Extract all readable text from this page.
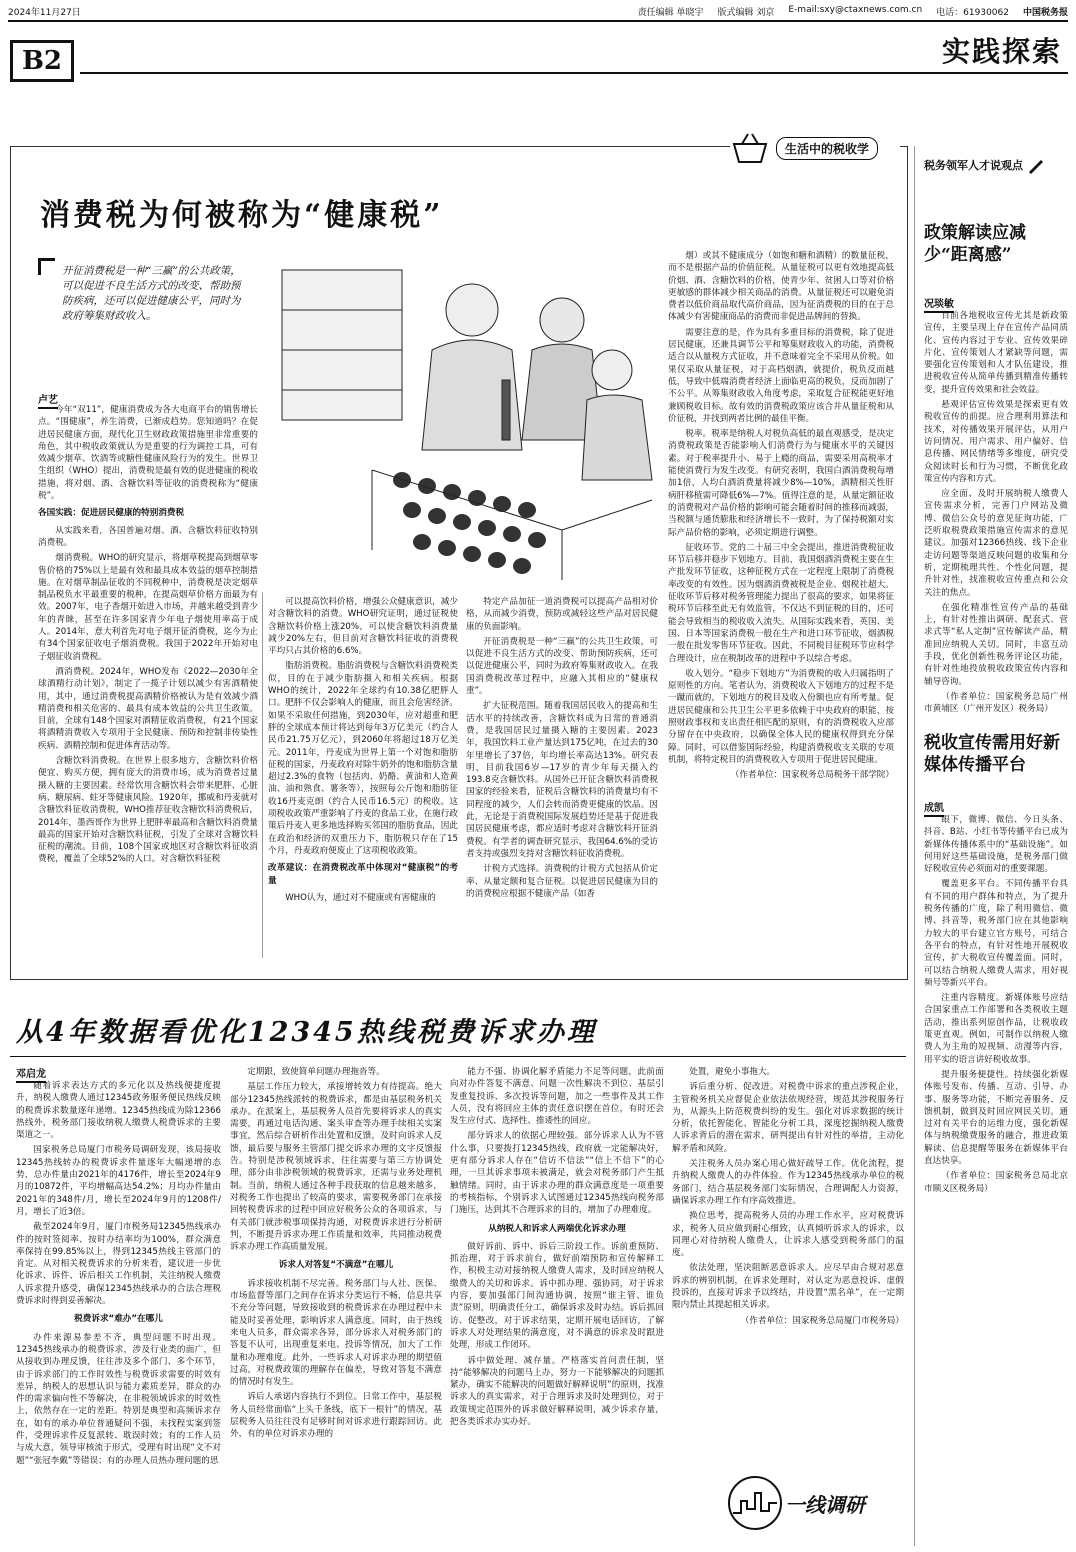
2024年11月27日	责任编辑 单晓宇 版式编辑 刘京 E-mail:sxy@ctaxnews.com.cn 电话：61930062 中国税务报
B2	实践探索
生活中的税收学
消费税为何被称为“健康税”
开征消费税是一种“三赢”的公共政策，可以促进不良生活方式的改变、帮助预防疾病，还可以促进健康公平，同时为政府筹集财政收入。
卢艺

今年“双11”，健康消费成为各大电商平台的销售增长点。“围健康”，养生消费，已渐成趋势。您知道吗？在促进居民健康方面，现代化卫生财政政策措施里非常重要的角色，其中税收政策就认为是重要的行为调控工具，可有效减少烟草、饮酒等或糖性健康风险行为的发生。世界卫生组织（WHO）提出，消费税是最有效的促进健康的税收措施，将对烟、酒、含糖饮料等征收的消费税称为“健康税”。

各国实践：促进居民健康的特别消费税

从实践来看，各国普遍对烟、酒、含糖饮料征收特别消费税。

烟消费税。WHO的研究显示，将烟草税提高到烟草零售价格的75%以上是最有效和最具成本效益的烟草控制措施。在对烟草制品征收的不同税种中，消费税是决定烟草制品税负水平最重要的税种，在提高烟草价格方面最为有效。2007年，电子香烟开始进入市场，并越来越受到青少年的青睐，甚至在许多国家青少年电子烟使用率高于成人。2014年，意大利首先对电子烟开征消费税，迄今为止有34个国家征收电子烟消费税。我国于2022年开始对电子烟征收消费税。

酒消费税。2024年，WHO发布《2022—2030年全球酒精行动计划》，制定了一揽子计划以减少有害酒精使用，其中，通过消费税提高酒精价格被认为是有效减少酒精消费和相关危害的、最具有成本效益的公共卫生政策。目前，全球有148个国家对酒精征收消费税，有21个国家将酒精消费收入专项用于全民健康、预防和控制非传染性疾病、酒精控制和促进体育活动等。

含糖饮料消费税。在世界上很多地方，含糖饮料价格便宜、购买方便，拥有庞大的消费市场，成为消费者过量摄入糖的主要因素。经常饮用含糖饮料会带来肥胖、心脏病、糖尿病、蛀牙等健康风险。1920年，挪威和丹麦就对含糖饮料征收消费税，WHO推荐征收含糖饮料消费税后，2014年，墨西哥作为世界上肥胖率最高和含糖饮料消费量最高的国家开始对含糖饮料征税，引发了全球对含糖饮料征税的潮流。目前，108个国家或地区对含糖饮料征收消费税，覆盖了全球52%的人口。对含糖饮料征税

可以提高饮料价格，增强公众健康意识，减少对含糖饮料的消费。WHO研究证明，通过征税使含糖饮料价格上涨20%，可以使含糖饮料消费量减少20%左右，但目前对含糖饮料征收的消费税平均只占其价格的6.6%。

脂肪消费税。脂肪消费税与含糖饮料消费税类似，目的在于减少脂肪摄入和相关疾病。根据WHO的统计，2022年全球约有10.38亿肥胖人口。肥胖不仅会影响人的健康，而且会危害经济。如果不采取任何措施，到2030年，应对超重和肥胖的全球成本预计将达到每年3万亿美元（约合人民币21.75万亿元），到2060年将超过18万亿美元。2011年，丹麦成为世界上第一个对饱和脂肪征税的国家，丹麦政府对除牛奶外的饱和脂肪含量超过2.3%的食物（包括肉、奶酪、黄油和人造黄油、油和熟食、薯条等），按照每公斤饱和脂肪征收16丹麦克朗（约合人民币16.5元）的税收。这项税收政策严重影响了丹麦的食品工业，在施行政策后丹麦人更多地选择购买邻国的脂肪食品，因此在政治和经济的双重压力下，脂肪税只存在了15个月，丹麦政府便废止了这项税收政策。

改革建议：在消费税改革中体现对“健康税”的考量

WHO认为，通过对不健康或有害健康的

特定产品加征一道消费税可以提高产品相对价格，从而减少消费，预防或减轻这些产品对居民健康的负面影响。

开征消费税是一种“三赢”的公共卫生政策，可以促进不良生活方式的改变、帮助预防疾病，还可以促进健康公平，同时为政府筹集财政收入。在我国消费税改革过程中，应融入其相应的“健康权重”。

扩大征税范围。随着我国居民收入的提高和生活水平的持续改善，含糖饮料成为日常的普通消费，是我国居民过量摄入糖的主要因素。2023年，我国饮料工业产量达到175亿吨，在过去的30年里增长了37倍，年均增长率高达13%。研究表明，目前我国6岁—17岁的青少年每天摄入约193.8克含糖饮料。从国外已开征含糖饮料消费税国家的经验来看，征税后含糖饮料的消费量均有不同程度的减少，人们会转而消费更健康的饮品。因此，无论是于消费税国际发展趋势还是基于促进我国居民健康考虑，都应适时考虑对含糖饮料开征消费税。有学者的调查研究显示，我国64.6%的受访者支持或强烈支持对含糖饮料征收消费税。

计税方式选择。消费税的计税方式包括从价定率、从量定额和复合征税。以促进居民健康为目的的消费税应根据不健康产品（如香

烟）或其不健康成分（如饱和糖和酒精）的数量征税，而不是根据产品的价值征税。从量征税可以更有效地提高低价烟、酒、含糖饮料的价格，使青少年、贫困人口等对价格更敏感的群体减少相关商品的消费。从量征税还可以避免消费者以低价商品取代高价商品，因为征消费税的目的在于总体减少有害健康商品的消费而非促进品牌间的替换。

需要注意的是，作为具有多重目标的消费税，除了促进居民健康，还兼具调节公平和筹集财政收入的功能，消费税适合以从量税方式征收，并不意味着完全不采用从价税。如果仅采取从量征税，对于高档烟酒，就提价，税负反而越低，导致中低端消费者经济上面临更高的税负，反而加剧了不公平。从筹集财政收入角度考虑，采取复合征税能更好地兼顾税收目标。故有效的消费税政策应该合并从量征税和从价征税，并找到两者比例的最佳平衡。

税率。税率是纳税人对税负高低的最直观感受，是决定消费税政策是否能影响人们消费行为与健康水平的关键因素。对于税率提升小、易于上瘾的商品，需要采用高税率才能使消费行为发生改变。有研究表明，我国白酒消费税每增加1倍，人均白酒消费量将减少8%—10%，酒精相关性肝病肝移植需可降低6%—7%。值得注意的是，从量定额征收的消费税对产品价格的影响可能会随着时间的推移而减弱，当税额与通货膨胀和经济增长不一致时，为了保持税额对实际产品价格的影响，必须定期进行调整。

征收环节。党的二十届三中全会提出，推进消费税征收环节后移并稳步下划地方。目前，我国烟酒消费税主要在生产批发环节征收，这种征税方式在一定程度上限制了消费税率改变的有效性。因为烟酒消费被税是企业、烟税社超大。征收环节后移对税务管理能力提出了很高的要求，如果将征税环节后移至此无有效监管，不仅达不到征税的目的，还可能会导致相当的税收收入流失。从国际实践来看，英国、美国、日本等国家消费税一般在生产和进口环节征收，烟酒税一般在批发零售环节征收。因此，不同税目征税环节应科学合理设计，应在税制改革的进程中予以综合考虑。

收入划分。“稳步下划地方”为消费税的收入归属指明了原则性的方向。笔者认为，消费税收入下划地方的过程不是一蹴而就的，下划地方的税目及收入份额也应有所考量。促进居民健康和公共卫生公平更多依赖于中央政府的职能，按照财政事权和支出责任相匹配的原则，有的消费税收入应部分留存在中央政府，以确保全体人民的健康权得到充分保障。同时，可以借鉴国际经验，构建消费税收支关联的专项机制，将特定税目的消费税收入专项用于促进居民健康。

（作者单位：国家税务总局税务干部学院）

从4年数据看优化12345热线税费诉求办理
邓启龙

随着诉求表达方式的多元化以及热线便捷度提升，纳税人缴费人通过12345政务服务便民热线反映的税费诉求数量逐年递增。12345热线成为除12366热线外，税务部门接收纳税人缴费人税费诉求的主要渠道之一。

国家税务总局厦门市税务局调研发现，该局接收12345热线转办的税费诉求件量逐年大幅递增的态势，总办件量由2021年的4176件，增长至2024年9月的10872件，平均增幅高达54.2%；月均办件量由2021年的348件/月，增长至2024年9月的1208件/月，增长了近3倍。

截至2024年9月，厦门市税务局12345热线承办件的按时签阅率、按时办结率均为100%，群众满意率保持在99.85%以上，得到12345热线主管部门的肯定。从对相关税费诉求的分析来看，建议进一步优化诉求、诉件、诉后相关工作机制，关注纳税人缴费人诉求提升感受，确保12345热线承办的合法合理税费诉求时得到妥善解决。

税费诉求“难办”在哪儿

办件来源易参差不齐，典型问题不时出现。12345热线承办的税费诉求，涉及行业类的面广，但从接收到办理反馈，往往涉及多个部门、多个环节，由于诉求部门的工作时效性与税费诉求需要的时效有差异，纳税人的思想认识与能力素质差异，群众的办件的需求偏向性不等解决，在非税领域诉求的时效性上，依然存在一定的差距。特别是典型和高频诉求存在，如有的承办单位普通疑问不强，未找程实案到签件，受理诉求件反复派转、耽误时效；有的工作人员与成大意，领导审核流于形式，受理有时出现“文不对题”“张冠李戴”等错误；有的办理人员热办理问题的思

定期跟，致使简单问题办理拖沓等。

基层工作压力较大，承接增转效力有待提高。绝大部分12345热线派转的税费诉求，都是由基层税务机关承办。在派案上，基层税务人员首先要将诉求人的真实需要，再通过电话沟通、案头审查等办理手续相关实案事宜，然后综合研析作出处置和反馈，及时向诉求人反馈，最后要与服务主管部门提交诉求办理的文字反馈报告。特别是涉税领域诉求，往往需要与第三方协调处理，部分由非涉税领域的税费诉求，还需与业务处理机制。当前，纳税人通过各种手段获取的信息越来越多，对税务工作也提出了较高的要求，需要税务部门在承接回转税费诉求的过程中回应好税务公众的各项诉求，与有关部门就涉税事项保持沟通，对税费诉求进行分析研判，不断提升诉求办理工作质量和效率，共同推动税费诉求办理工作高质量发展。

诉求人对答复“不满意”在哪儿

诉求接收机制不尽完善。税务部门与人社、医保、市场监督等部门之间存在诉求分类运行不畅，信息共享不充分等问题，导致接收到的税费诉求在办理过程中未能及时妥善处理，影响诉求人满意度。同时，由于热线来电人员多，群众需求各异，部分诉求人对税务部门的答复不认可，出现重复来电、投诉等情况，加大了工作量和办理难度。此外，一些诉求人对诉求办理的期望值过高，对税费政策的理解存在偏差，导致对答复不满意的情况时有发生。

诉后人承诺内容执行不到位。日常工作中，基层税务人员经常面临“上头千条线，底下一根针”的情况，基层税务人员往往没有足够时间对诉求进行跟踪回访。此外，有的单位对诉求办理的

能力不强、协调化解矛盾能力不足等问题，此前面向对办件答复不满意、问题一次性解决不到位、基层引发重复投诉、多次投诉等问题，加之一些事件及其工作人员，没有将回应主体的责任意识摆在首位，有时还会发生应付式、选择性、推诿性的回应。

部分诉求人的依据心理较强。部分诉求人认为不管什么事，只要拨打12345热线，政府就一定能解决好，更有部分诉求人存在“信访不信法”“信上不信下”的心理，一旦其诉求事项未被满足，就会对税务部门产生抵触情绪。同时，由于诉求办理的群众满意度是一项重要的考核指标，个别诉求人试图通过12345热线向税务部门施压，达到其不合理诉求的目的，增加了办理难度。

从纳税人和诉求人两端优化诉求办理

做好诉前、诉中、诉后三阶段工作。诉前重预防、抓治理，对于诉求前台，做好前端预防和宣传解释工作，积极主动对接纳税人缴费人需求，及时回应纳税人缴费人的关切和诉求。诉中抓办理、强协同，对于诉求内容，要加强部门间沟通协调，按照“谁主管、谁负责”原则，明确责任分工，确保诉求及时办结。诉后抓回访、促整改，对于诉求结果，定期开展电话回访，了解诉求人对处理结果的满意度，对不满意的诉求及时跟进处理，形成工作闭环。

诉中做处理、减存量。严格落实首问责任制，坚持“能够解决的问题马上办，努力一下能够解决的问题抓紧办，确实不能解决的问题做好解释说明”的原则，找准诉求人的真实需求，对于合理诉求及时处理到位，对于政策规定范围外的诉求做好解释说明，减少诉求存量，把各类诉求办实办好。

处置，避免小事拖大。

诉后重分析、促改进。对税费中诉求的重点涉税企业，主管税务机关应督促企业依法依规经营，规范其涉税服务行为，从源头上防范税费纠纷的发生。强化对诉求数据的统计分析，依托智能化、智能化分析工具，深度挖掘纳税人缴费人诉求背后的潜在需求，研判提出有针对性的举措，主动化解矛盾和风险。

关注税务人员办案心用心做好疏导工作。优化流程，提升纳税人缴费人的办件体验。作为12345热线承办单位的税务部门，结合基层税务部门实际情况，合理调配人力资源，确保诉求办理工作有序高效推进。

换位思考，提高税务人员的办理工作水平，应对税费诉求，税务人员应做到耐心细致，认真倾听诉求人的诉求，以同理心对待纳税人缴费人，让诉求人感受到税务部门的温度。

依法处理，坚决阻断恶意诉求人。应尽早由合规对恶意诉求的辨别机制，在诉求处理时，对认定为恶意投诉、虚假投诉的，直接对诉求予以终结，并设置“黑名单”，在一定期限内禁止其提起相关诉求。

（作者单位：国家税务总局厦门市税务局）

一线调研
税务领军人才说观点
政策解读应减少“距离感”
况琰敏

目前各地税收宣传尤其是新政策宣传，主要呈现上存在宣传产品同质化、宣传内容过于专业、宣传效果碎片化、宣传策划人才紧缺等问题，需要强化宣传策划和人才队伍建设，推进税收宣传从简单传播到精准传播转变，提升宣传效果和社会效益。

悬观评估宣传效果是探索更有效税收宣传的前提。应合理利用算法和技术，对传播效果开展评估，从用户访问情况、用户需求、用户偏好、信息传播、网民情绪等多维度，研究受众阅读时长和行为习惯，不断优化政策宣传内容和方式。

应全面、及时开展纳税人缴费人宣传需求分析，完善门户网站及微博、微信公众号的意见征询功能，广泛听取税费政策措施宣传需求的意见建议。加强对12366热线、线下企业走访问题等渠道反映问题的收集和分析，定期梳理共性、个性化问题，提升针对性，找准税收宣传重点和公众关注的焦点。

在强化精准性宣传产品的基础上，有针对性推出调研、配套式、营求式等“私人定制”宣传解读产品，精准回应纳税人关切。同时，丰富互动手段，优化创新性税务评论区功能，有针对性地投放税收政策宣传内容和辅导咨询。

（作者单位：国家税务总局广州市黄埔区（广州开发区）税务局）

税收宣传需用好新媒体传播平台
成凯

眼下，微博、微信、今日头条、抖音、B站、小红书等传播平台已成为新媒体传播体系中的“基础设施”。如何用好这些基础设施，是税务部门做好税收宣传必须面对的重要课题。

覆盖更多平台。不同传播平台具有不同的用户群体和特点，为了提升税务传播的广度，除了利用微信、微博、抖音等，税务部门应在其他影响力较大的平台建立官方账号，可结合各平台的特点，有针对性地开展税收宣传，扩大税收宣传覆盖面。同时，可以结合纳税人缴费人需求，用好视频号等新兴平台。

注重内容精度。新媒体账号应结合国家重点工作部署和各类税收主题活动，推出系列原创作品，让税收政策更直观。例如，可制作以纳税人缴费人为主角的短视频、动漫等内容，用平实的语言讲好税收故事。

提升服务便捷性。持续强化新媒体账号发布、传播、互动、引导、办事、服务等功能，不断完善服务、反馈机制，做到及时回应网民关切。通过对有关平台的运维力度，强化新媒体与纳税缴费服务的融合，推进政策解读、信息提醒等服务在新媒体平台直达快享。

（作者单位：国家税务总局北京市顺义区税务局）
